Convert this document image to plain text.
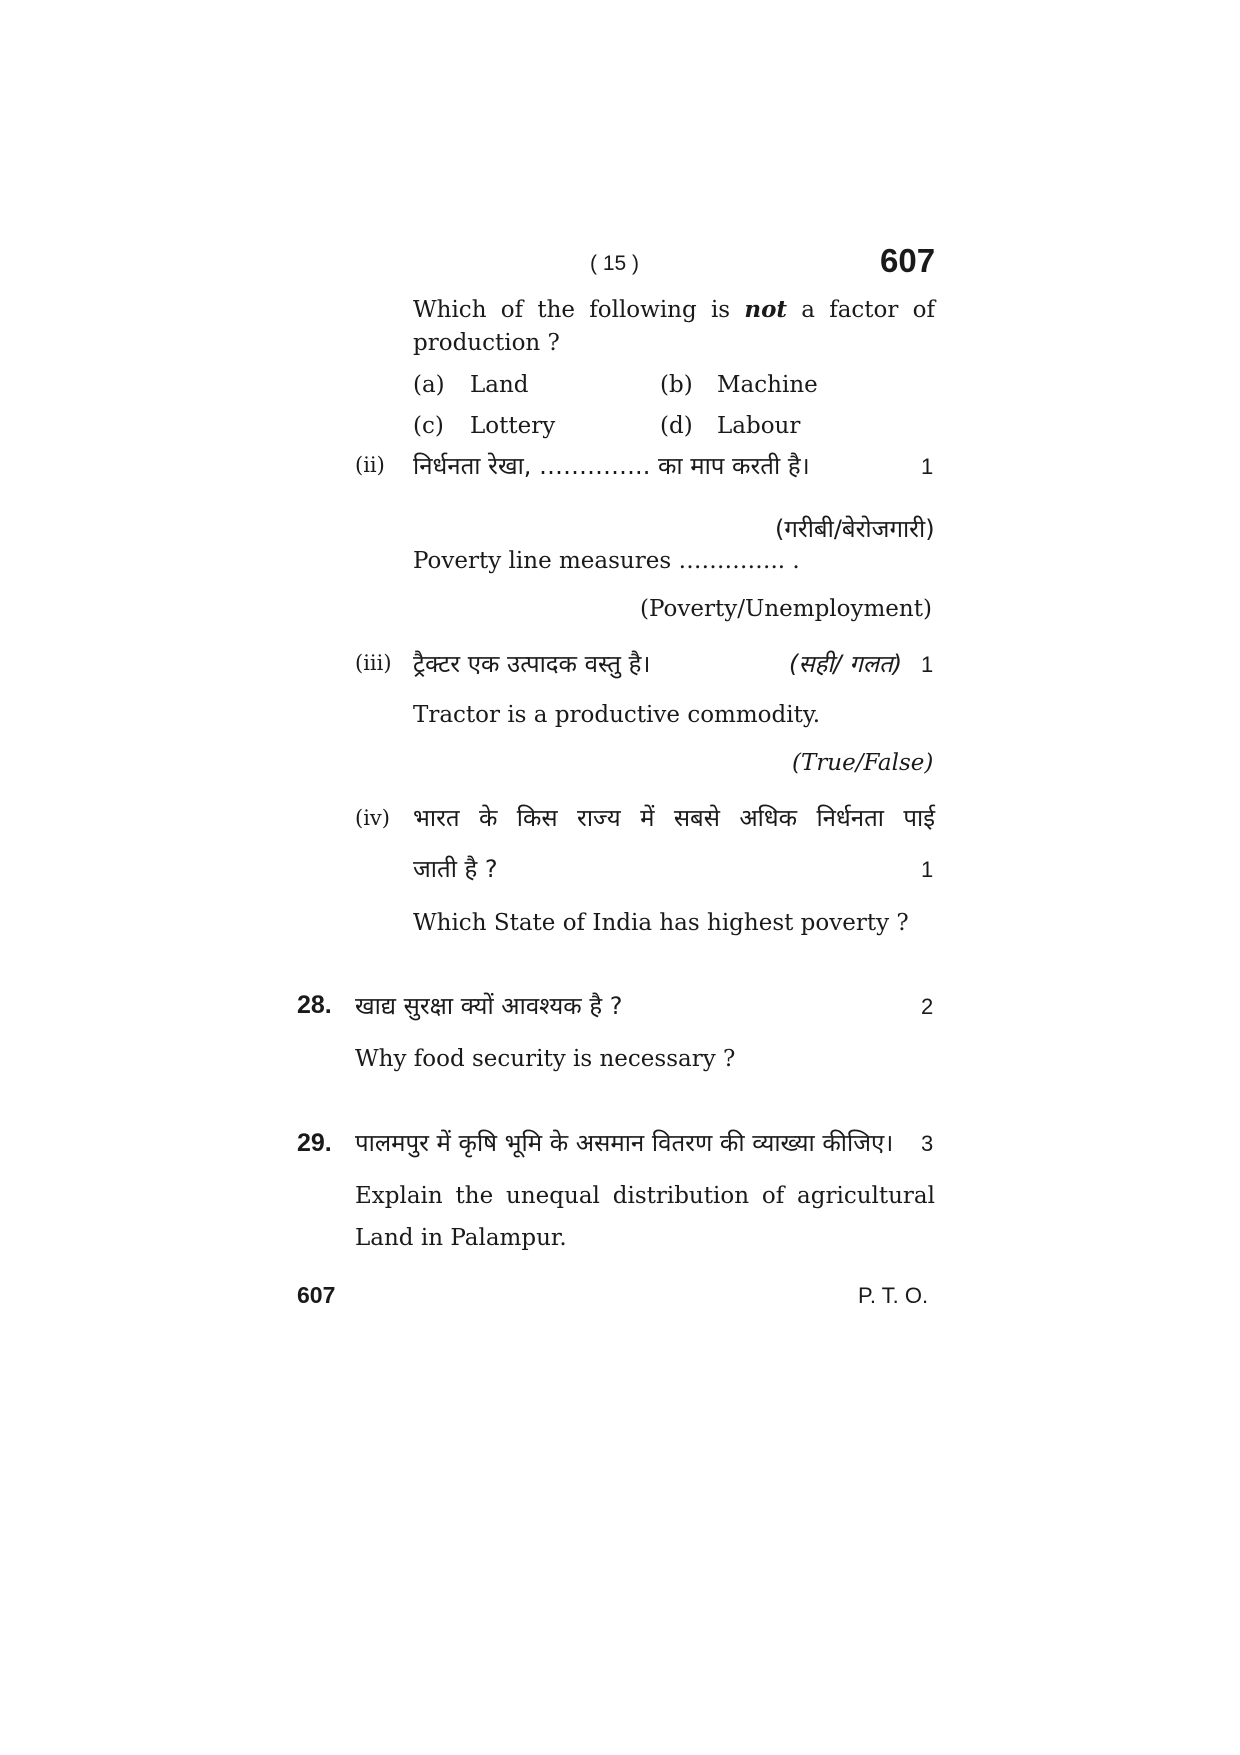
( 15 )	607
Which of the following is not a factor of
production ?
(a) Land	(b) Machine
(c) Lottery	(d) Labour
(ii) निर्धनता रेखा, ………….. का माप करती है।	1
(गरीबी/बेरोजगारी)
Poverty line measures ………….. .
(Poverty/Unemployment)
(iii) ट्रैक्टर एक उत्पादक वस्तु है।	(सही/ गलत) 1
Tractor is a productive commodity.
(True/False)
(iv) भारत के किस राज्य में सबसे अधिक निर्धनता पाई
जाती है ?	1
Which State of India has highest poverty ?
28. खाद्य सुरक्षा क्यों आवश्यक है ?	2
Why food security is necessary ?
29. पालमपुर में कृषि भूमि के असमान वितरण की व्याख्या कीजिए। 3
Explain the unequal distribution of agricultural
Land in Palampur.
607	P. T. O.
